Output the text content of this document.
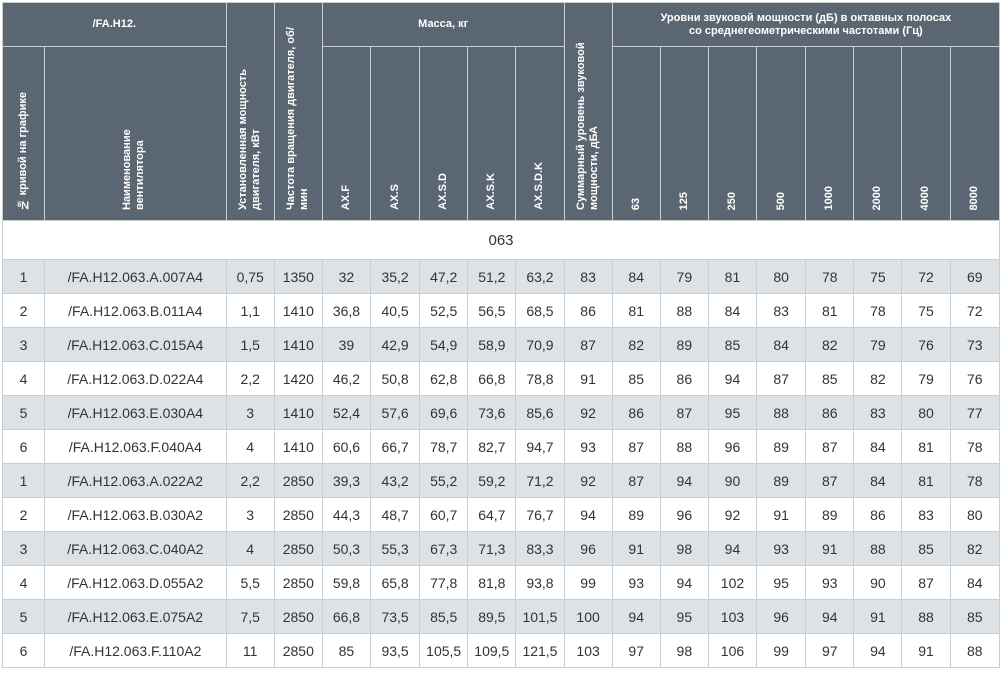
/FA.H12.		Установленная мощность двигателя, кВт	Частота вращения двигателя, об/мин	Масса, кг					Суммарный уровень звуковой мощности, дБА	Уровни звуковой мощности (дБ) в октавных полосах
со среднегеометрическими частотами (Гц)							
№ кривой на графике	Наименование вентилятора			AX.F	AX.S	AX.S.D	AX.S.K	AX.S.D.K		63	125	250	500	1000	2000	4000	8000
063																	
1	/FA.H12.063.A.007A4	0,75	1350	32	35,2	47,2	51,2	63,2	83	84	79	81	80	78	75	72	69
2	/FA.H12.063.B.011A4	1,1	1410	36,8	40,5	52,5	56,5	68,5	86	81	88	84	83	81	78	75	72
3	/FA.H12.063.C.015A4	1,5	1410	39	42,9	54,9	58,9	70,9	87	82	89	85	84	82	79	76	73
4	/FA.H12.063.D.022A4	2,2	1420	46,2	50,8	62,8	66,8	78,8	91	85	86	94	87	85	82	79	76
5	/FA.H12.063.E.030A4	3	1410	52,4	57,6	69,6	73,6	85,6	92	86	87	95	88	86	83	80	77
6	/FA.H12.063.F.040A4	4	1410	60,6	66,7	78,7	82,7	94,7	93	87	88	96	89	87	84	81	78
1	/FA.H12.063.A.022A2	2,2	2850	39,3	43,2	55,2	59,2	71,2	92	87	94	90	89	87	84	81	78
2	/FA.H12.063.B.030A2	3	2850	44,3	48,7	60,7	64,7	76,7	94	89	96	92	91	89	86	83	80
3	/FA.H12.063.C.040A2	4	2850	50,3	55,3	67,3	71,3	83,3	96	91	98	94	93	91	88	85	82
4	/FA.H12.063.D.055A2	5,5	2850	59,8	65,8	77,8	81,8	93,8	99	93	94	102	95	93	90	87	84
5	/FA.H12.063.E.075A2	7,5	2850	66,8	73,5	85,5	89,5	101,5	100	94	95	103	96	94	91	88	85
6	/FA.H12.063.F.110A2	11	2850	85	93,5	105,5	109,5	121,5	103	97	98	106	99	97	94	91	88
